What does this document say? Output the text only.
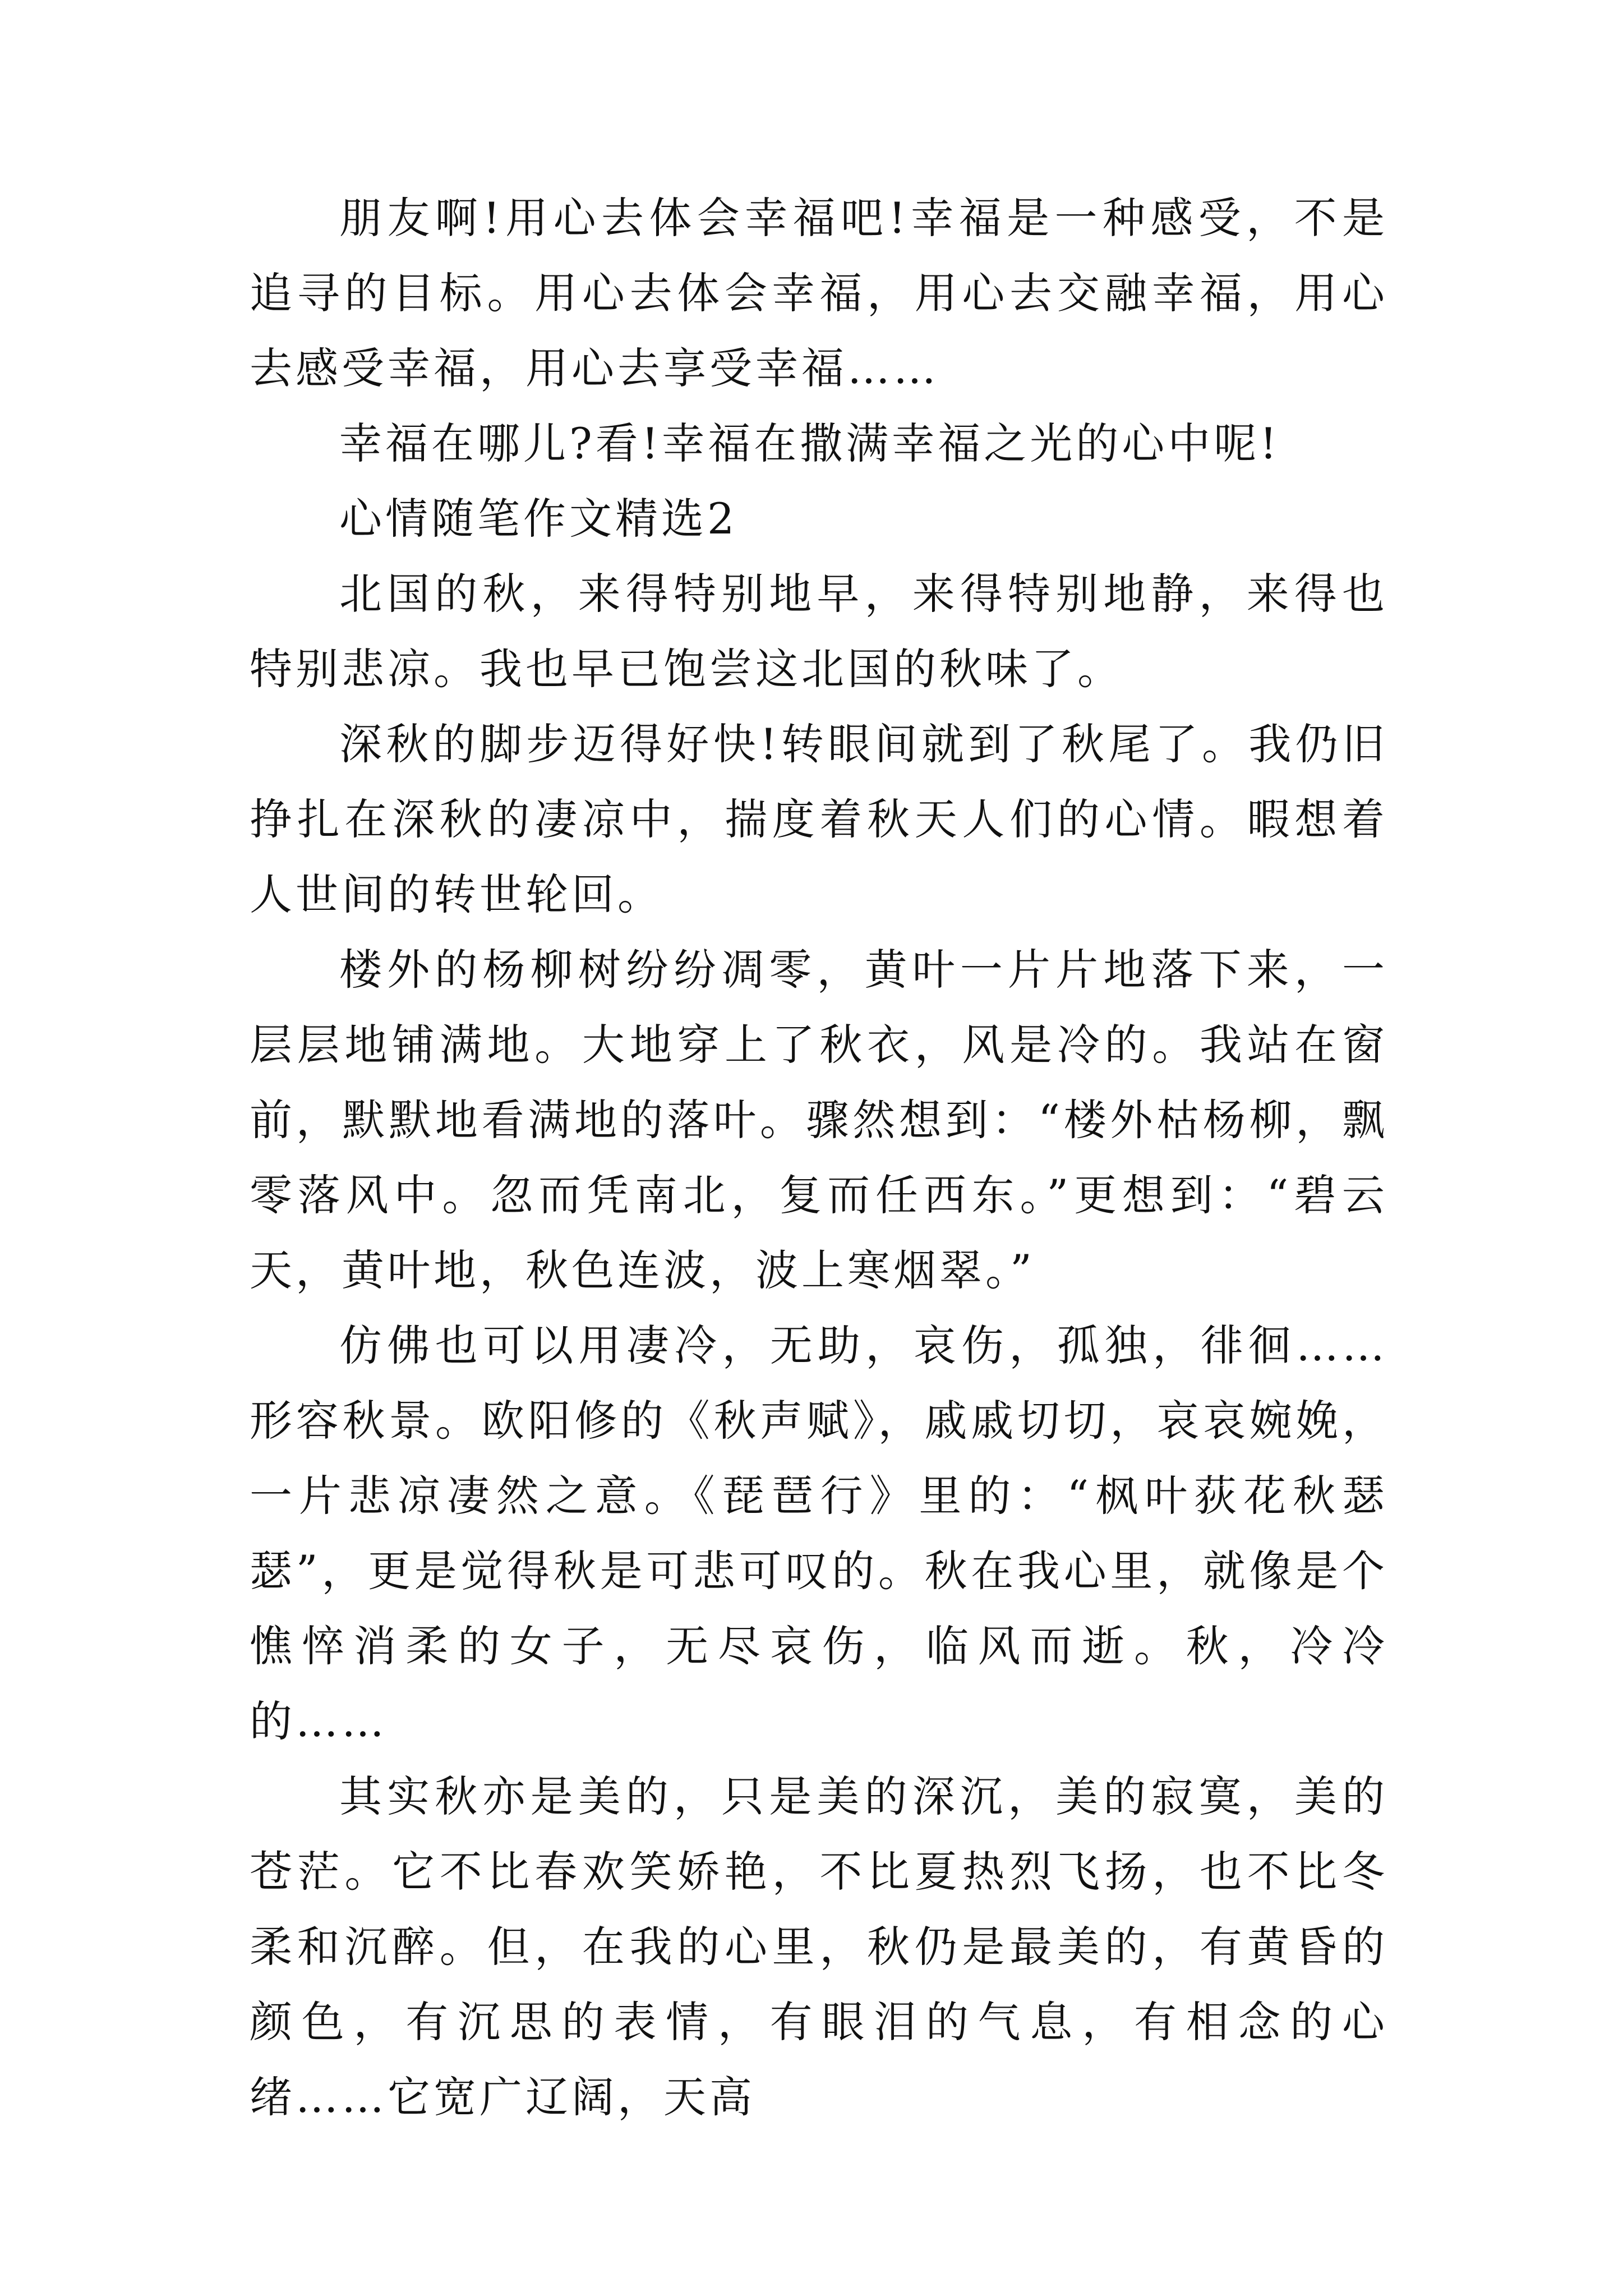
朋友啊!用心去体会幸福吧!幸福是一种感受，不是追寻的目标。用心去体会幸福，用心去交融幸福，用心去感受幸福，用心去享受幸福……

幸福在哪儿?看!幸福在撒满幸福之光的心中呢!

心情随笔作文精选2

北国的秋，来得特别地早，来得特别地静，来得也特别悲凉。我也早已饱尝这北国的秋味了。

深秋的脚步迈得好快!转眼间就到了秋尾了。我仍旧挣扎在深秋的凄凉中，揣度着秋天人们的心情。暇想着人世间的转世轮回。

楼外的杨柳树纷纷凋零，黄叶一片片地落下来，一层层地铺满地。大地穿上了秋衣，风是冷的。我站在窗前，默默地看满地的落叶。骤然想到：“楼外枯杨柳，飘零落风中。忽而凭南北，复而任西东。”更想到：“碧云天，黄叶地，秋色连波，波上寒烟翠。”

仿佛也可以用凄冷，无助，哀伤，孤独，徘徊……形容秋景。欧阳修的《秋声赋》，戚戚切切，哀哀婉娩，一片悲凉凄然之意。《琵琶行》里的：“枫叶荻花秋瑟瑟”，更是觉得秋是可悲可叹的。秋在我心里，就像是个憔悴消柔的女子，无尽哀伤，临风而逝。秋，冷冷的……

其实秋亦是美的，只是美的深沉，美的寂寞，美的苍茫。它不比春欢笑娇艳，不比夏热烈飞扬，也不比冬柔和沉醉。但，在我的心里，秋仍是最美的，有黄昏的颜色，有沉思的表情，有眼泪的气息，有相念的心绪……它宽广辽阔，天高
